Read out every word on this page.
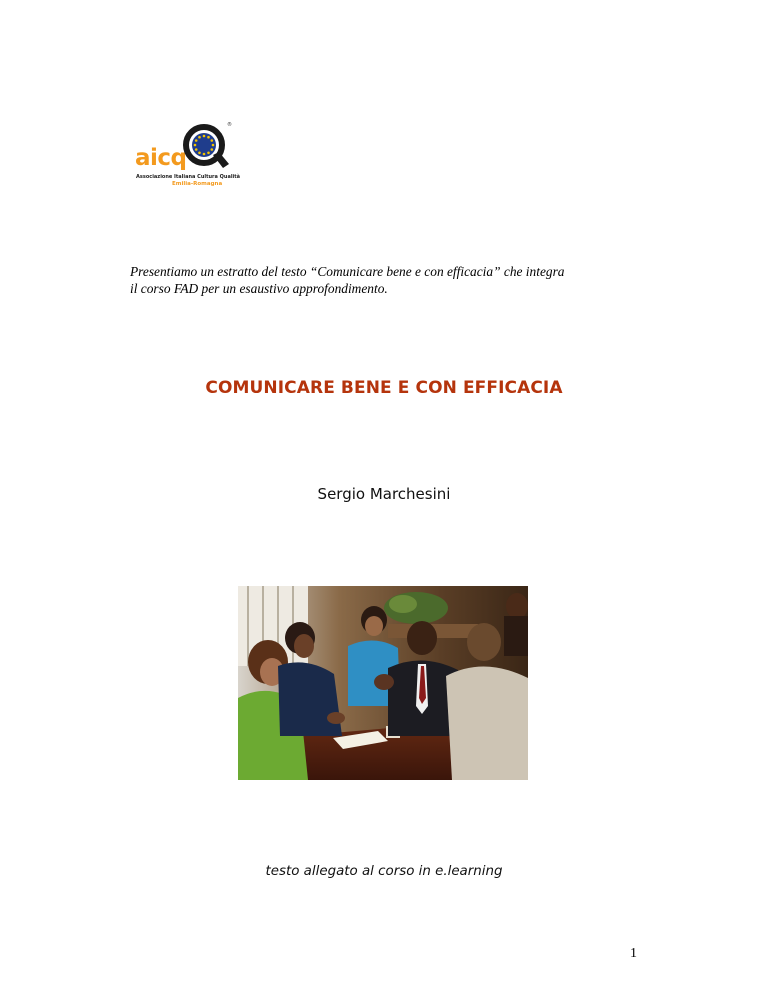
aicq
®
Associazione Italiana Cultura Qualità
Emilia-Romagna
Presentiamo un estratto del testo “Comunicare bene e con efficacia” che integra
il corso FAD per un esaustivo approfondimento.
COMUNICARE BENE E CON EFFICACIA
Sergio Marchesini
testo allegato al corso in e.learning
1
